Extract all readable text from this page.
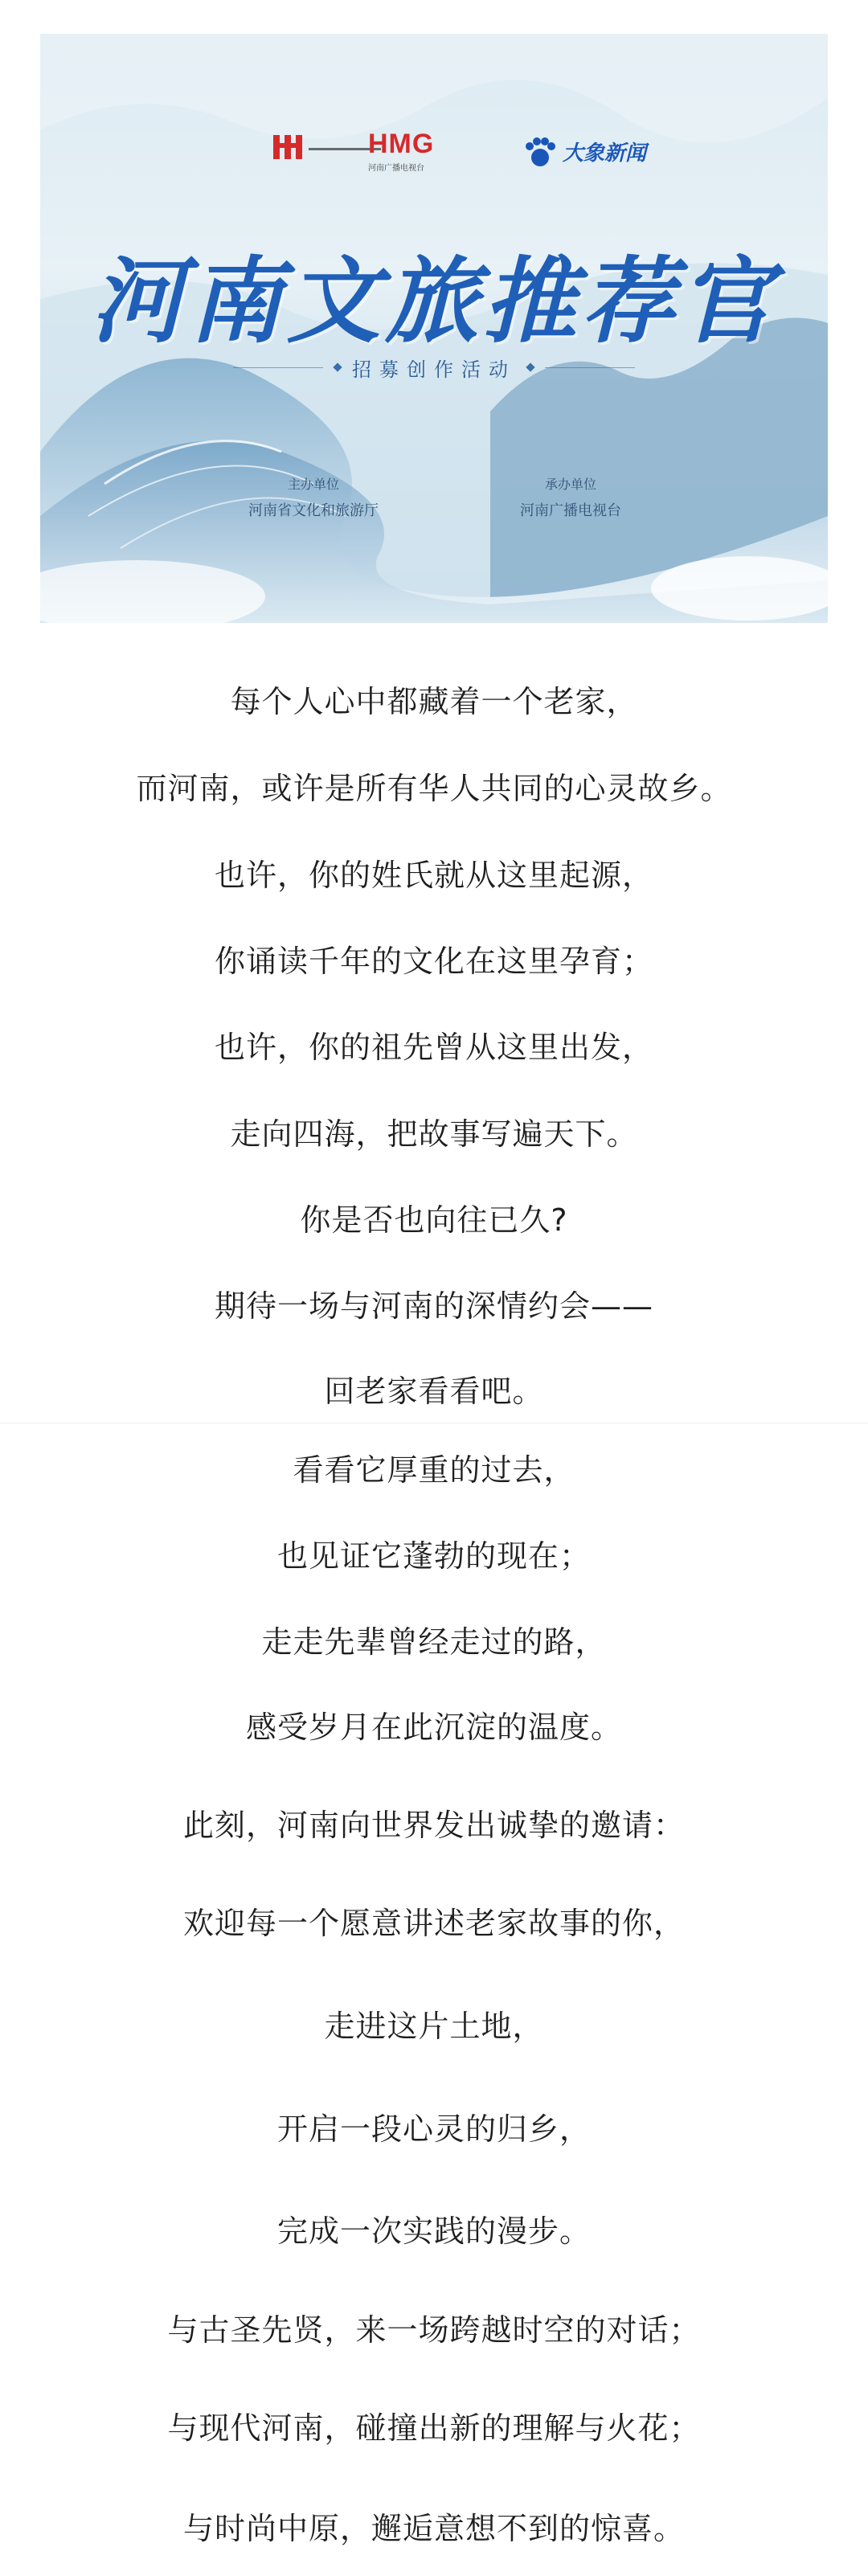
HMG
河南广播电视台
大象新闻
河南文旅推荐官
招募创作活动
主办单位
河南省文化和旅游厅
承办单位
河南广播电视台
每个人心中都藏着一个老家，
而河南，或许是所有华人共同的心灵故乡。
也许，你的姓氏就从这里起源，
你诵读千年的文化在这里孕育；
也许，你的祖先曾从这里出发，
走向四海，把故事写遍天下。
你是否也向往已久?
期待一场与河南的深情约会——
回老家看看吧。
看看它厚重的过去，
也见证它蓬勃的现在；
走走先辈曾经走过的路，
感受岁月在此沉淀的温度。
此刻，河南向世界发出诚挚的邀请：
欢迎每一个愿意讲述老家故事的你，
走进这片土地，
开启一段心灵的归乡，
完成一次实践的漫步。
与古圣先贤，来一场跨越时空的对话；
与现代河南，碰撞出新的理解与火花；
与时尚中原，邂逅意想不到的惊喜。
